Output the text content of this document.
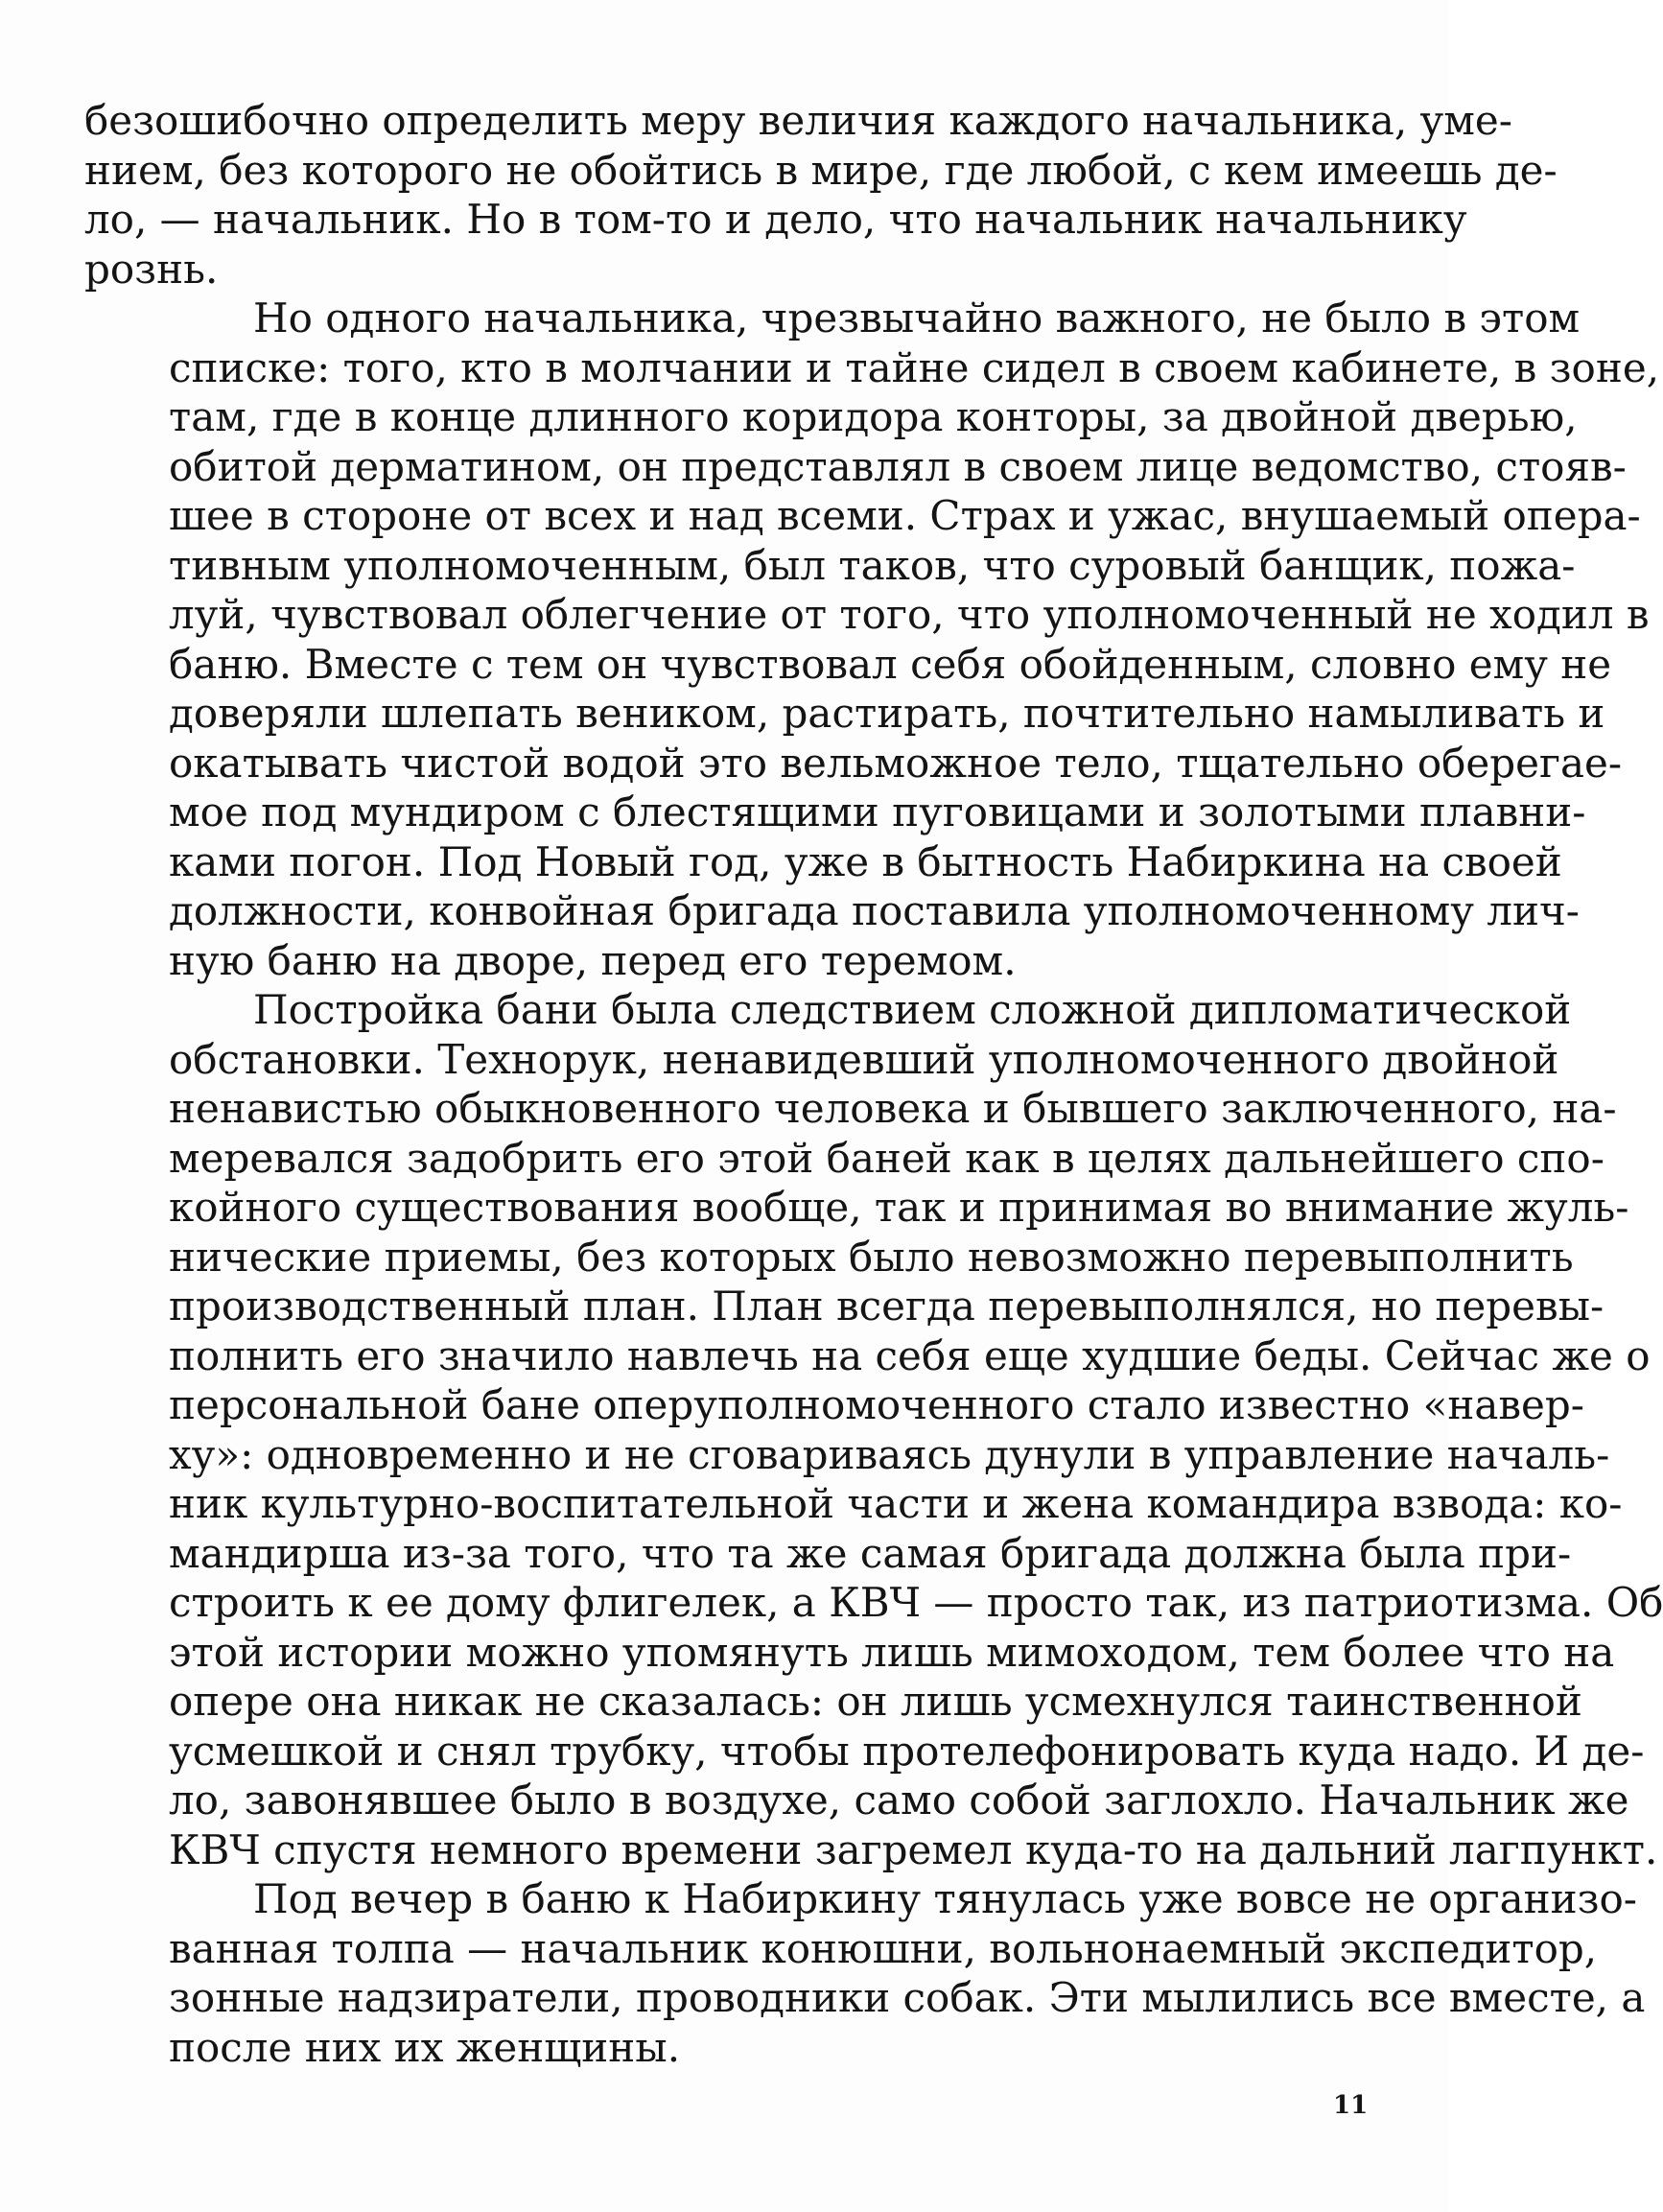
безошибочно определить меру величия каждого начальника, уме-
нием, без которого не обойтись в мире, где любой, с кем имеешь де-
ло, — начальник. Но в том-то и дело, что начальник начальнику
рознь.

Но одного начальника, чрезвычайно важного, не было в этом
списке: того, кто в молчании и тайне сидел в своем кабинете, в зоне,
там, где в конце длинного коридора конторы, за двойной дверью,
обитой дерматином, он представлял в своем лице ведомство, стояв-
шее в стороне от всех и над всеми. Страх и ужас, внушаемый опера-
тивным уполномоченным, был таков, что суровый банщик, пожа-
луй, чувствовал облегчение от того, что уполномоченный не ходил в
баню. Вместе с тем он чувствовал себя обойденным, словно ему не
доверяли шлепать веником, растирать, почтительно намыливать и
окатывать чистой водой это вельможное тело, тщательно оберегае-
мое под мундиром с блестящими пуговицами и золотыми плавни-
ками погон. Под Новый год, уже в бытность Набиркина на своей
должности, конвойная бригада поставила уполномоченному лич-
ную баню на дворе, перед его теремом.

Постройка бани была следствием сложной дипломатической
обстановки. Технорук, ненавидевший уполномоченного двойной
ненавистью обыкновенного человека и бывшего заключенного, на-
меревался задобрить его этой баней как в целях дальнейшего спо-
койного существования вообще, так и принимая во внимание жуль-
нические приемы, без которых было невозможно перевыполнить
производственный план. План всегда перевыполнялся, но перевы-
полнить его значило навлечь на себя еще худшие беды. Сейчас же о
персональной бане оперуполномоченного стало известно «навер-
ху»: одновременно и не сговариваясь дунули в управление началь-
ник культурно-воспитательной части и жена командира взвода: ко-
мандирша из-за того, что та же самая бригада должна была при-
строить к ее дому флигелек, а КВЧ — просто так, из патриотизма. Об
этой истории можно упомянуть лишь мимоходом, тем более что на
опере она никак не сказалась: он лишь усмехнулся таинственной
усмешкой и снял трубку, чтобы протелефонировать куда надо. И де-
ло, завонявшее было в воздухе, само собой заглохло. Начальник же
КВЧ спустя немного времени загремел куда-то на дальний лагпункт.

Под вечер в баню к Набиркину тянулась уже вовсе не организо-
ванная толпа — начальник конюшни, вольнонаемный экспедитор,
зонные надзиратели, проводники собак. Эти мылились все вместе, а
после них их женщины.

11
